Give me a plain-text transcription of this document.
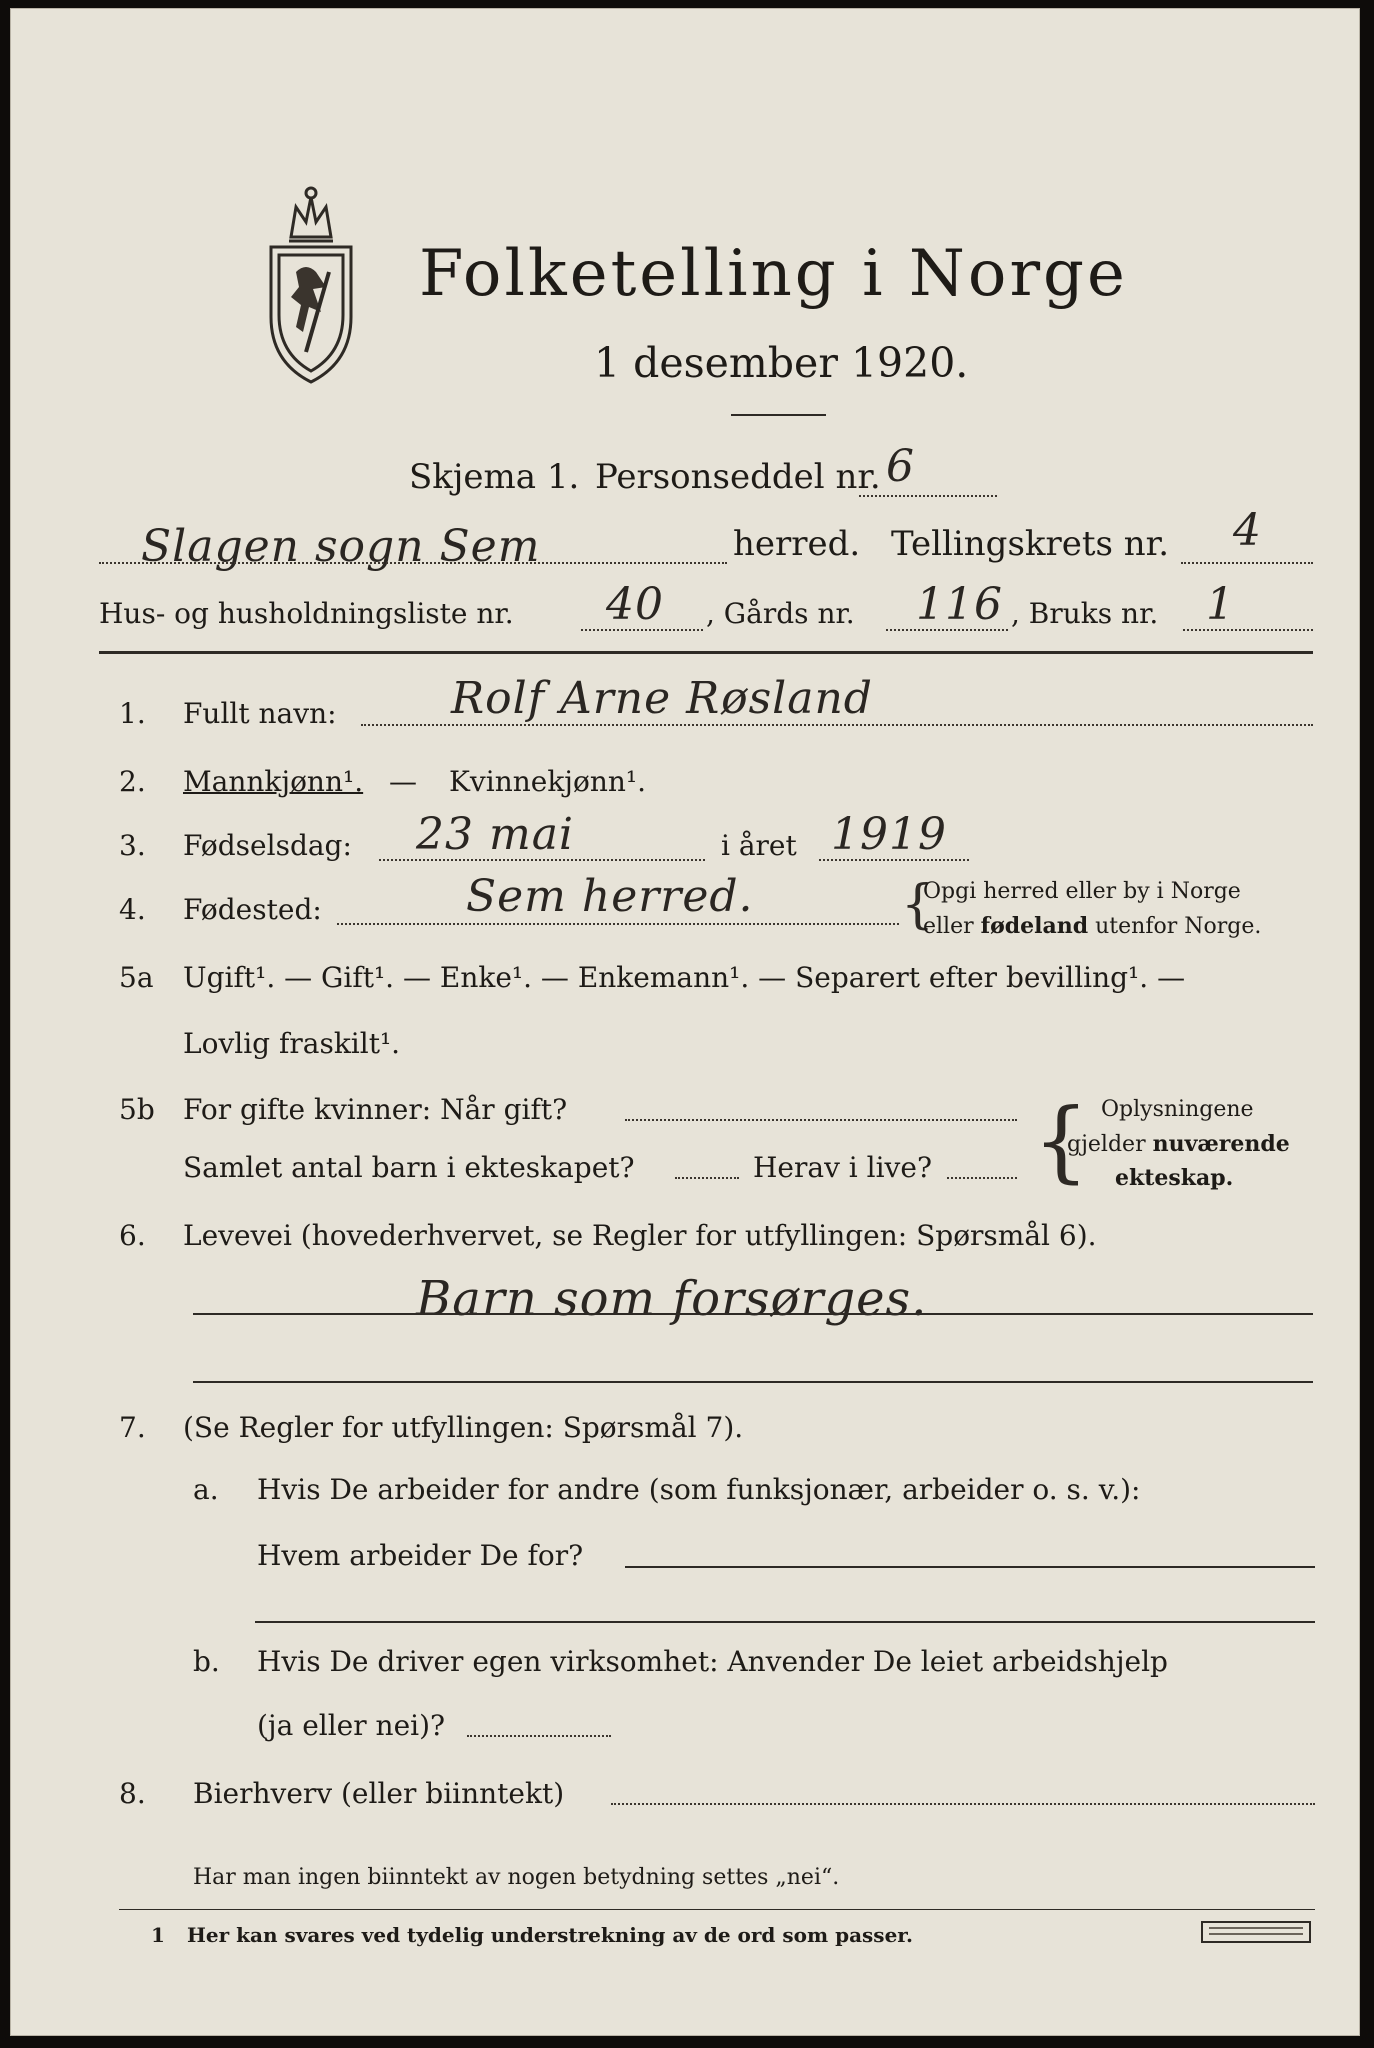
Folketelling i Norge
1 desember 1920.
Skjema 1. Personseddel nr. 6
Slagen sogn Sem	herred. Tellingskrets nr. 4
Hus- og husholdningsliste nr. 40 , Gårds nr. 116 , Bruks nr. 1
1. Fullt navn:	Rolf Arne Røsland
2. Mannkjønn¹. — Kvinnekjønn¹.
3. Fødselsdag: 23 mai	i året 1919
4. Fødested:	Sem herred.	{
Opgi herred eller by i Norge
eller fødeland utenfor Norge.
5a Ugift¹. — Gift¹. — Enke¹. — Enkemann¹. — Separert efter bevilling¹. —
Lovlig fraskilt¹.
5b For gifte kvinner: Når gift?
Samlet antal barn i ekteskapet?	Herav i live? { Oplysningene
gjelder nuværende
ekteskap.
6. Levevei (hovederhvervet, se Regler for utfyllingen: Spørsmål 6).
Barn som forsørges.
7. (Se Regler for utfyllingen: Spørsmål 7).
a. Hvis De arbeider for andre (som funksjonær, arbeider o. s. v.):
Hvem arbeider De for?
b. Hvis De driver egen virksomhet: Anvender De leiet arbeidshjelp
(ja eller nei)?
8. Bierhverv (eller biinntekt)
Har man ingen biinntekt av nogen betydning settes „nei“.
1 Her kan svares ved tydelig understrekning av de ord som passer.
